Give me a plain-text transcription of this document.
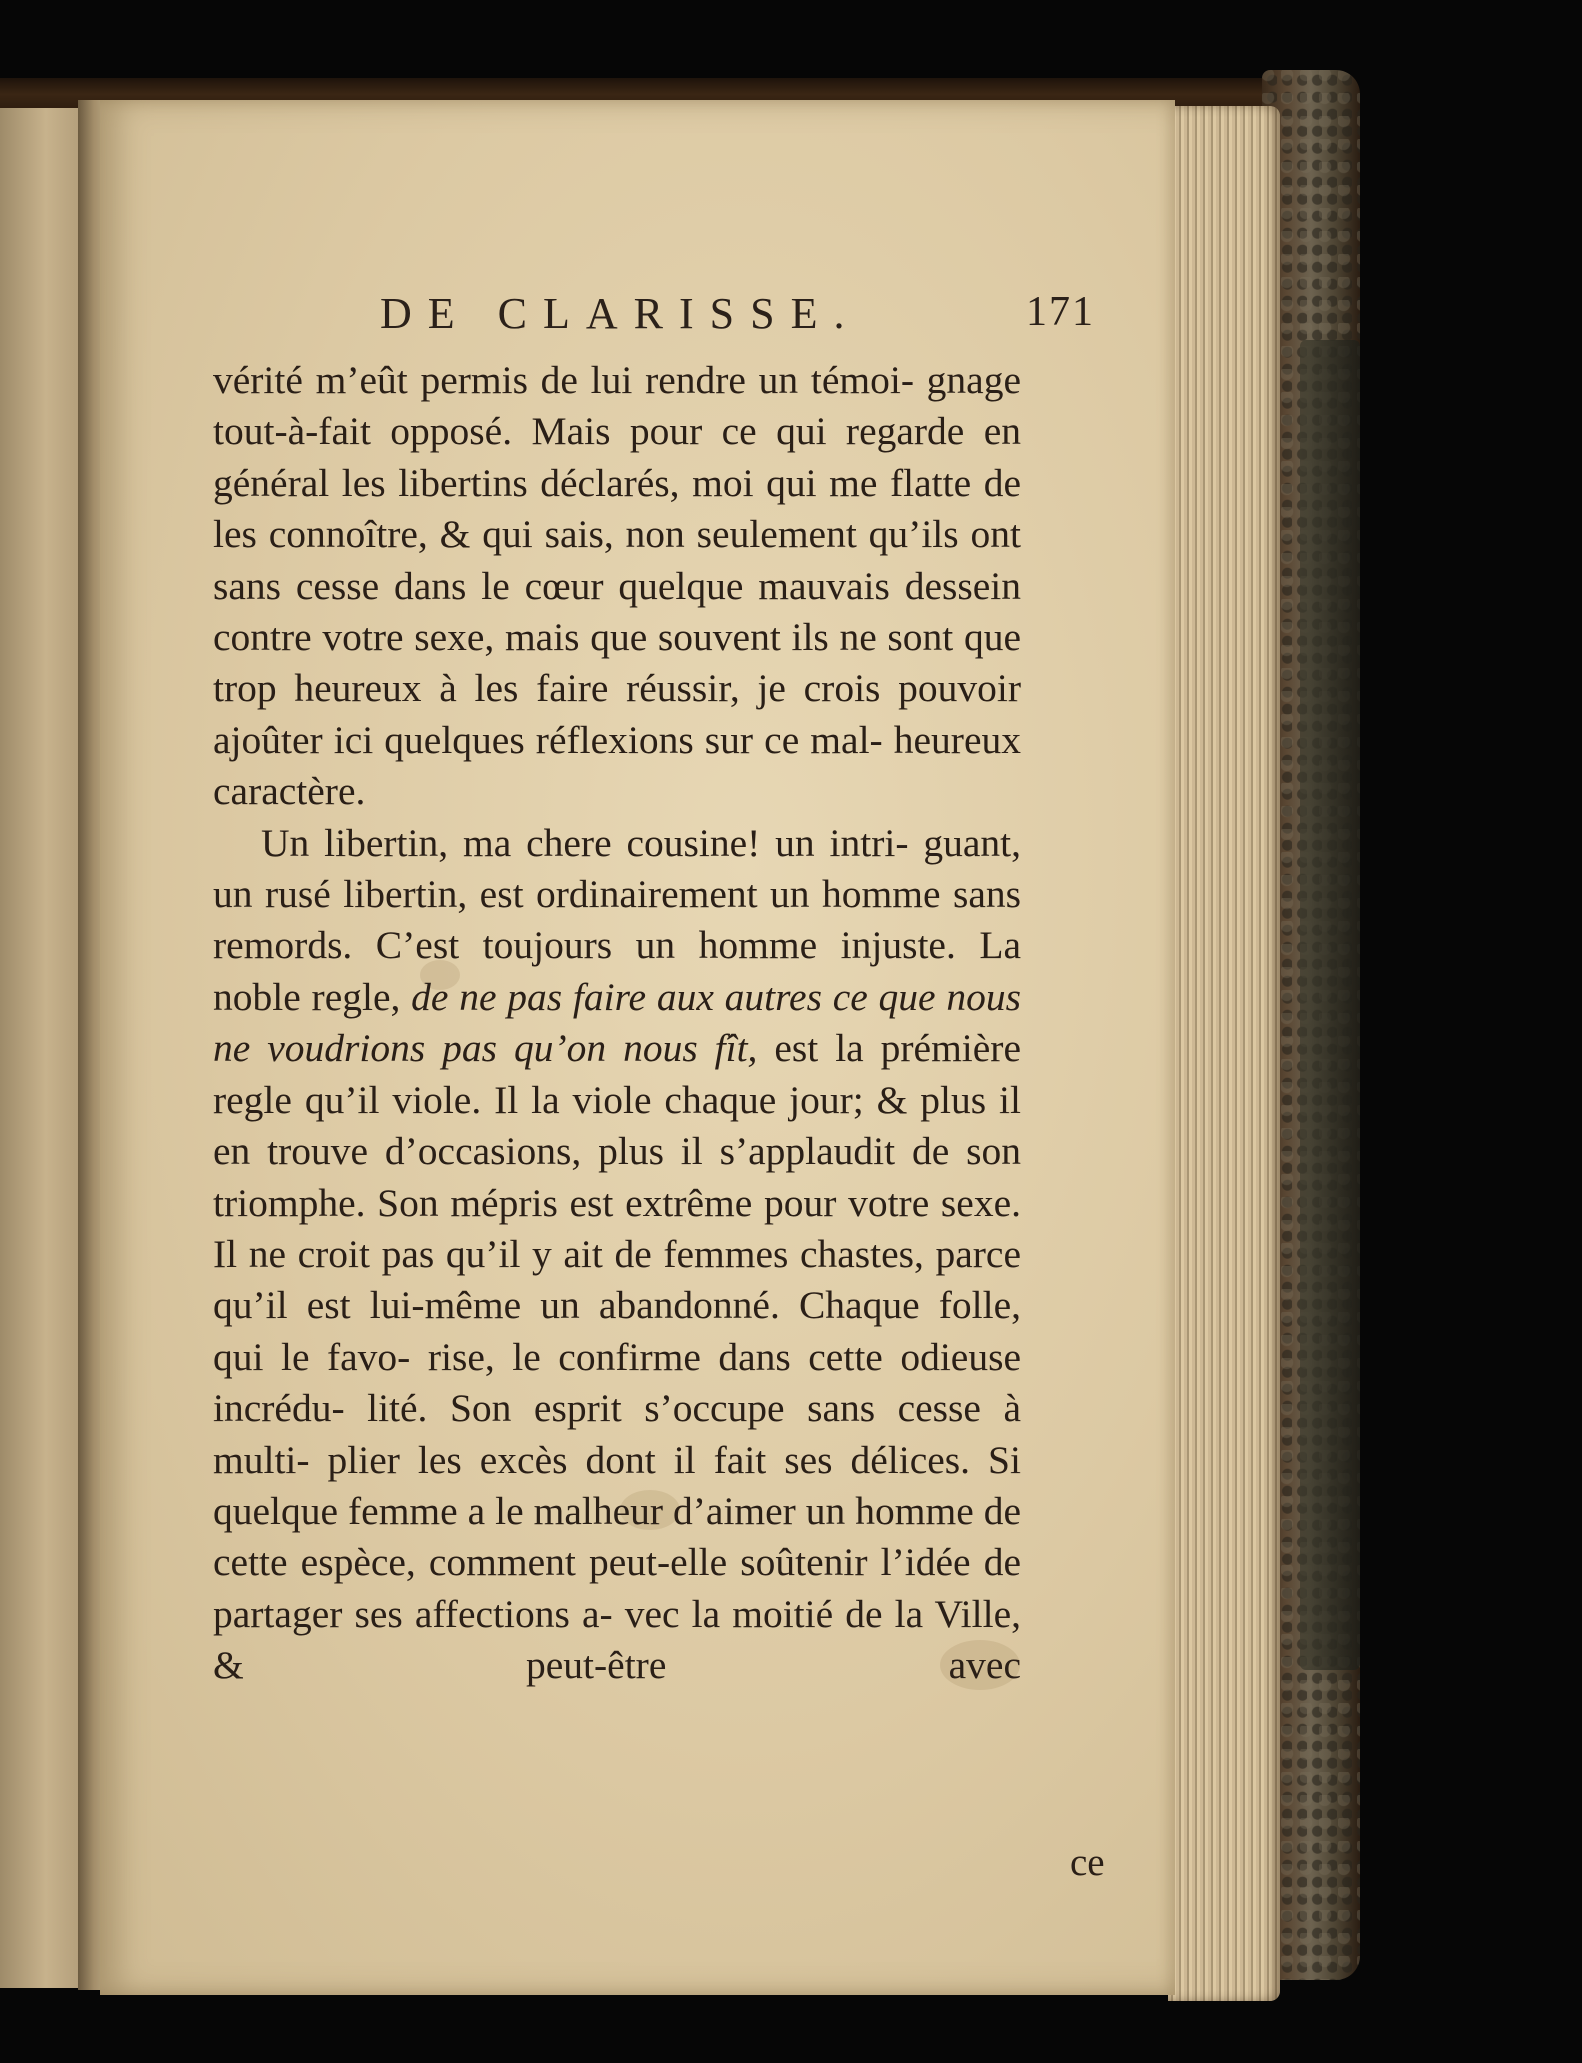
DE CLARISSE.	171

vérité m’eût permis de lui rendre un témoi- gnage tout-à-fait opposé. Mais pour ce qui regarde en général les libertins déclarés, moi qui me flatte de les connoître, & qui sais, non seulement qu’ils ont sans cesse dans le cœur quelque mauvais dessein contre votre sexe, mais que souvent ils ne sont que trop heureux à les faire réussir, je crois pouvoir ajoûter ici quelques réflexions sur ce mal- heureux caractère.

Un libertin, ma chere cousine! un intri- guant, un rusé libertin, est ordinairement un homme sans remords. C’est toujours un homme injuste. La noble regle, de ne pas faire aux autres ce que nous ne voudrions pas qu’on nous fît, est la prémière regle qu’il viole. Il la viole chaque jour; & plus il en trouve d’occasions, plus il s’applaudit de son triomphe. Son mépris est extrême pour votre sexe. Il ne croit pas qu’il y ait de femmes chastes, parce qu’il est lui-même un abandonné. Chaque folle, qui le favo- rise, le confirme dans cette odieuse incrédu- lité. Son esprit s’occupe sans cesse à multi- plier les excès dont il fait ses délices. Si quelque femme a le malheur d’aimer un homme de cette espèce, comment peut-elle soûtenir l’idée de partager ses affections a- vec la moitié de la Ville, & peut-être avec

ce
